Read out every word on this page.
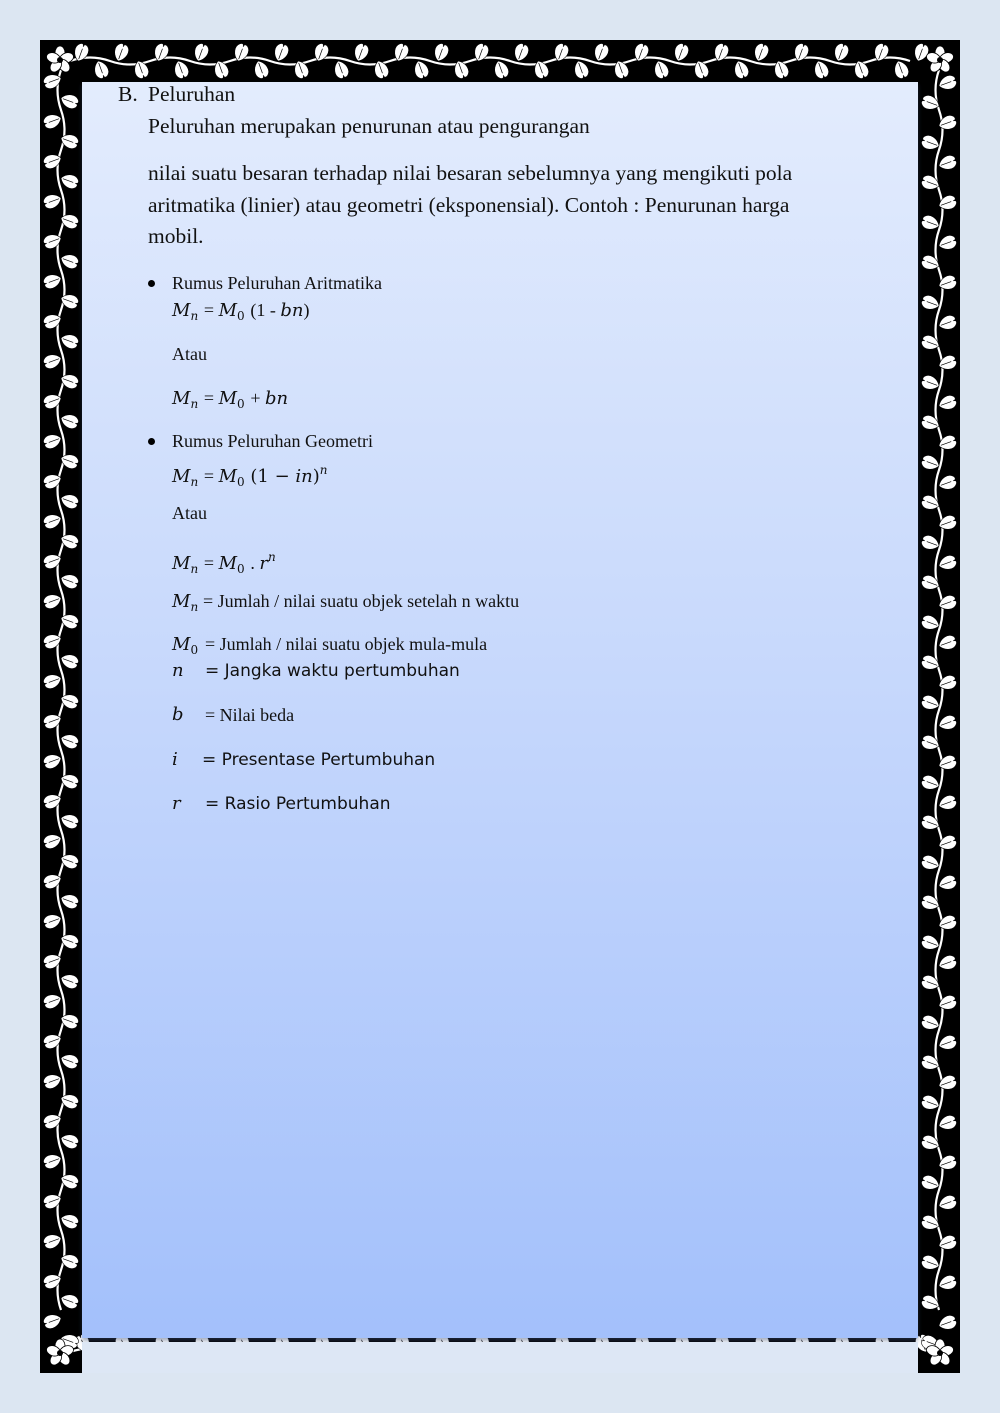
B. Peluruhan
Peluruhan merupakan penurunan atau pengurangan
nilai suatu besaran terhadap nilai besaran sebelumnya yang mengikuti pola
aritmatika (linier) atau geometri (eksponensial). Contoh : Penurunan harga
mobil.
Rumus Peluruhan Aritmatika
$M_n = M_0$ (1 - bn)
Atau
$M_n = M_0$ + bn
Rumus Peluruhan Geometri
$M_n = M_0$ (1 − in)$^n$
Atau
$M_n = M_0$ . $r^n$
$M_n$ = Jumlah / nilai suatu objek setelah n waktu
$M_0$ = Jumlah / nilai suatu objek mula-mula
n = Jangka waktu pertumbuhan
b = Nilai beda
i = Presentase Pertumbuhan
r = Rasio Pertumbuhan
